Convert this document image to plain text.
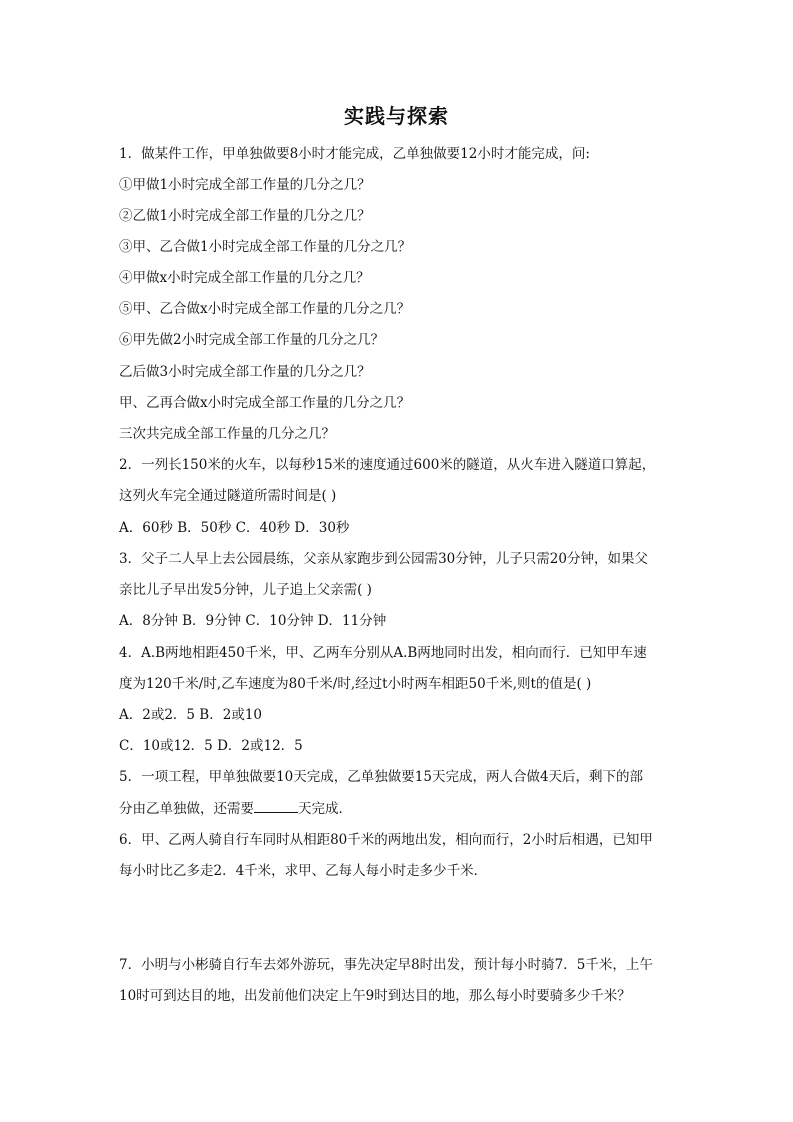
实践与探索
1．做某件工作，甲单独做要8小时才能完成，乙单独做要12小时才能完成，问:
①甲做1小时完成全部工作量的几分之几？
②乙做1小时完成全部工作量的几分之几？
③甲、乙合做1小时完成全部工作量的几分之几？
④甲做x小时完成全部工作量的几分之几？
⑤甲、乙合做x小时完成全部工作量的几分之几？
⑥甲先做2小时完成全部工作量的几分之几？
乙后做3小时完成全部工作量的几分之几？
甲、乙再合做x小时完成全部工作量的几分之几？
三次共完成全部工作量的几分之几？
2．一列长150米的火车，以每秒15米的速度通过600米的隧道，从火车进入隧道口算起，
这列火车完全通过隧道所需时间是( )
A．60秒 B．50秒 C．40秒 D．30秒
3．父子二人早上去公园晨练，父亲从家跑步到公园需30分钟，儿子只需20分钟，如果父
亲比儿子早出发5分钟，儿子追上父亲需( )
A．8分钟 B．9分钟 C．10分钟 D．11分钟
4．A.B两地相距450千米，甲、乙两车分别从A.B两地同时出发，相向而行．已知甲车速
度为120千米/时,乙车速度为80千米/时,经过t小时两车相距50千米,则t的值是( )
A．2或2．5 B．2或10
C．10或12．5 D．2或12．5
5．一项工程，甲单独做要10天完成，乙单独做要15天完成，两人合做4天后，剩下的部
分由乙单独做，还需要	天完成．
6．甲、乙两人骑自行车同时从相距80千米的两地出发，相向而行，2小时后相遇，已知甲
每小时比乙多走2．4千米，求甲、乙每人每小时走多少千米．
7．小明与小彬骑自行车去郊外游玩，事先决定早8时出发，预计每小时骑7．5千米，上午
10时可到达目的地，出发前他们决定上午9时到达目的地，那么每小时要骑多少千米？
